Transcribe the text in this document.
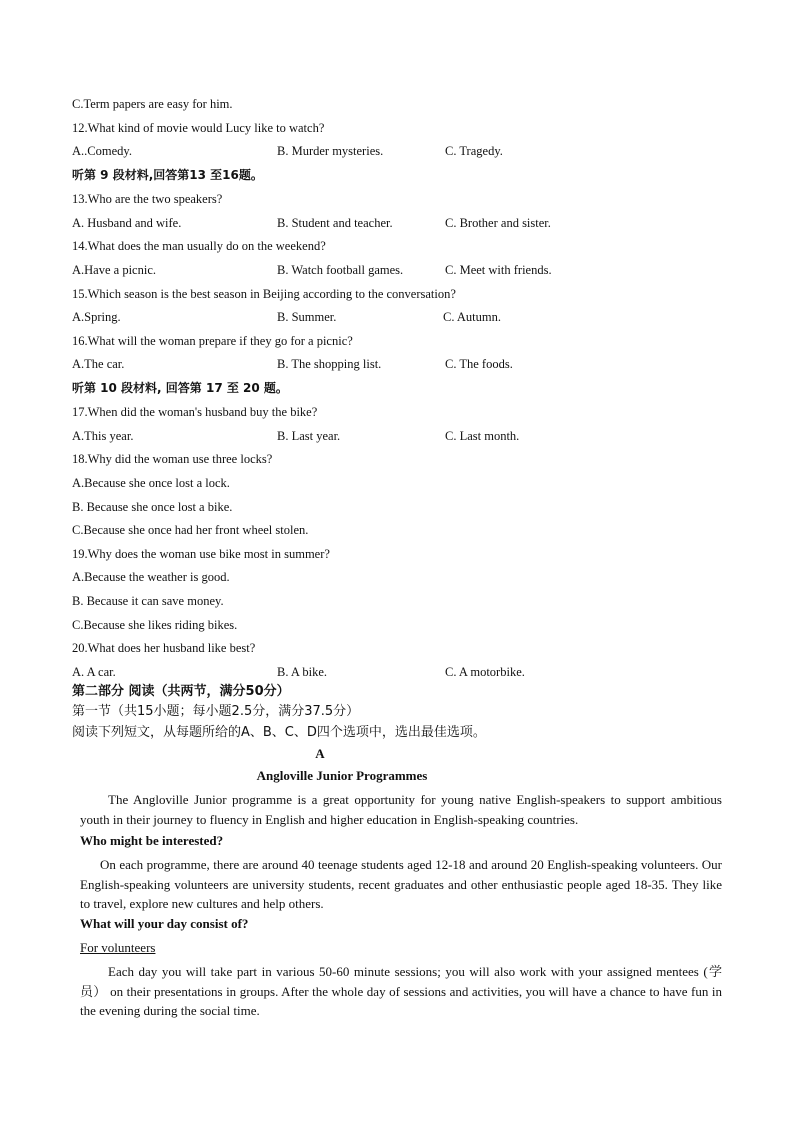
C.Term papers are easy for him.
12.What kind of movie would Lucy like to watch?
A..Comedy.	B. Murder mysteries.	C. Tragedy.
听第 9 段材料,回答第13 至16题。
13.Who are the two speakers?
A. Husband and wife.	B. Student and teacher.	C. Brother and sister.
14.What does the man usually do on the weekend?
A.Have a picnic.	B. Watch football games.	C. Meet with friends.
15.Which season is the best season in Beijing according to the conversation?
A.Spring.	B. Summer.	C. Autumn.
16.What will the woman prepare if they go for a picnic?
A.The car.	B. The shopping list.	C. The foods.
听第 10 段材料, 回答第 17 至 20 题。
17.When did the woman's husband buy the bike?
A.This year.	B. Last year.	C. Last month.
18.Why did the woman use three locks?
A.Because she once lost a lock.
B. Because she once lost a bike.
C.Because she once had her front wheel stolen.
19.Why does the woman use bike most in summer?
A.Because the weather is good.
B. Because it can save money.
C.Because she likes riding bikes.
20.What does her husband like best?
A. A car.	B. A bike.	C. A motorbike.
第二部分 阅读（共两节，满分50分）
第一节（共15小题；每小题2.5分，满分37.5分）
阅读下列短文，从每题所给的A、B、C、D四个选项中，选出最佳选项。
A
Angloville Junior Programmes
The Angloville Junior programme is a great opportunity for young native English-speakers to support ambitious youth in their journey to fluency in English and higher education in English-speaking countries.
Who might be interested?
On each programme, there are around 40 teenage students aged 12-18 and around 20 English-speaking volunteers. Our English-speaking volunteers are university students, recent graduates and other enthusiastic people aged 18-35. They like to travel, explore new cultures and help others.
What will your day consist of?
For volunteers
Each day you will take part in various 50-60 minute sessions; you will also work with your assigned mentees (学员） on their presentations in groups. After the whole day of sessions and activities, you will have a chance to have fun in the evening during the social time.
